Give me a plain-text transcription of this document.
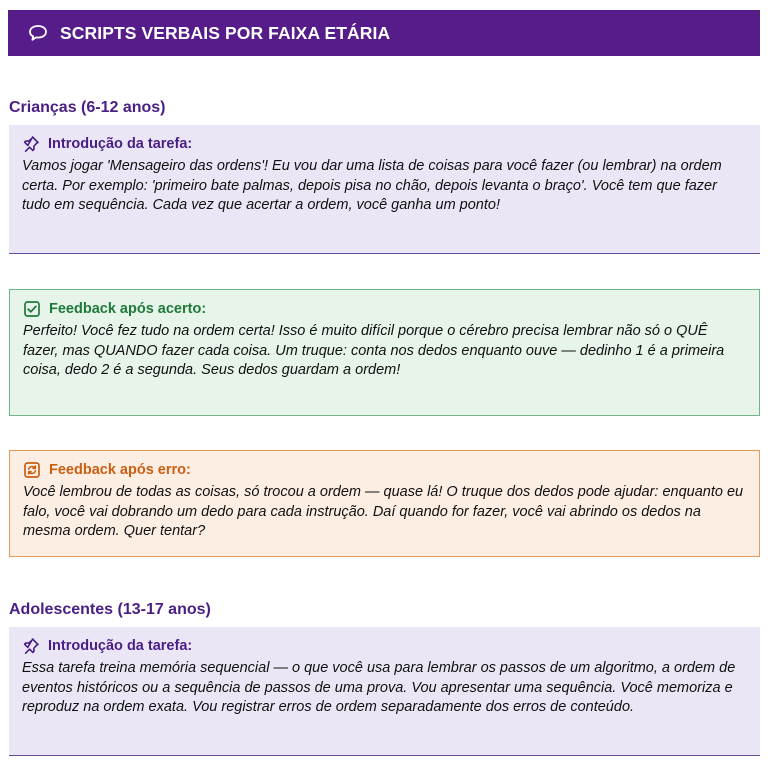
SCRIPTS VERBAIS POR FAIXA ETÁRIA
Crianças (6-12 anos)
Introdução da tarefa:
Vamos jogar 'Mensageiro das ordens'! Eu vou dar uma lista de coisas para você fazer (ou lembrar) na ordem certa. Por exemplo: 'primeiro bate palmas, depois pisa no chão, depois levanta o braço'. Você tem que fazer tudo em sequência. Cada vez que acertar a ordem, você ganha um ponto!
Feedback após acerto:
Perfeito! Você fez tudo na ordem certa! Isso é muito difícil porque o cérebro precisa lembrar não só o QUÊ fazer, mas QUANDO fazer cada coisa. Um truque: conta nos dedos enquanto ouve — dedinho 1 é a primeira coisa, dedo 2 é a segunda. Seus dedos guardam a ordem!
Feedback após erro:
Você lembrou de todas as coisas, só trocou a ordem — quase lá! O truque dos dedos pode ajudar: enquanto eu falo, você vai dobrando um dedo para cada instrução. Daí quando for fazer, você vai abrindo os dedos na mesma ordem. Quer tentar?
Adolescentes (13-17 anos)
Introdução da tarefa:
Essa tarefa treina memória sequencial — o que você usa para lembrar os passos de um algoritmo, a ordem de eventos históricos ou a sequência de passos de uma prova. Vou apresentar uma sequência. Você memoriza e reproduz na ordem exata. Vou registrar erros de ordem separadamente dos erros de conteúdo.
